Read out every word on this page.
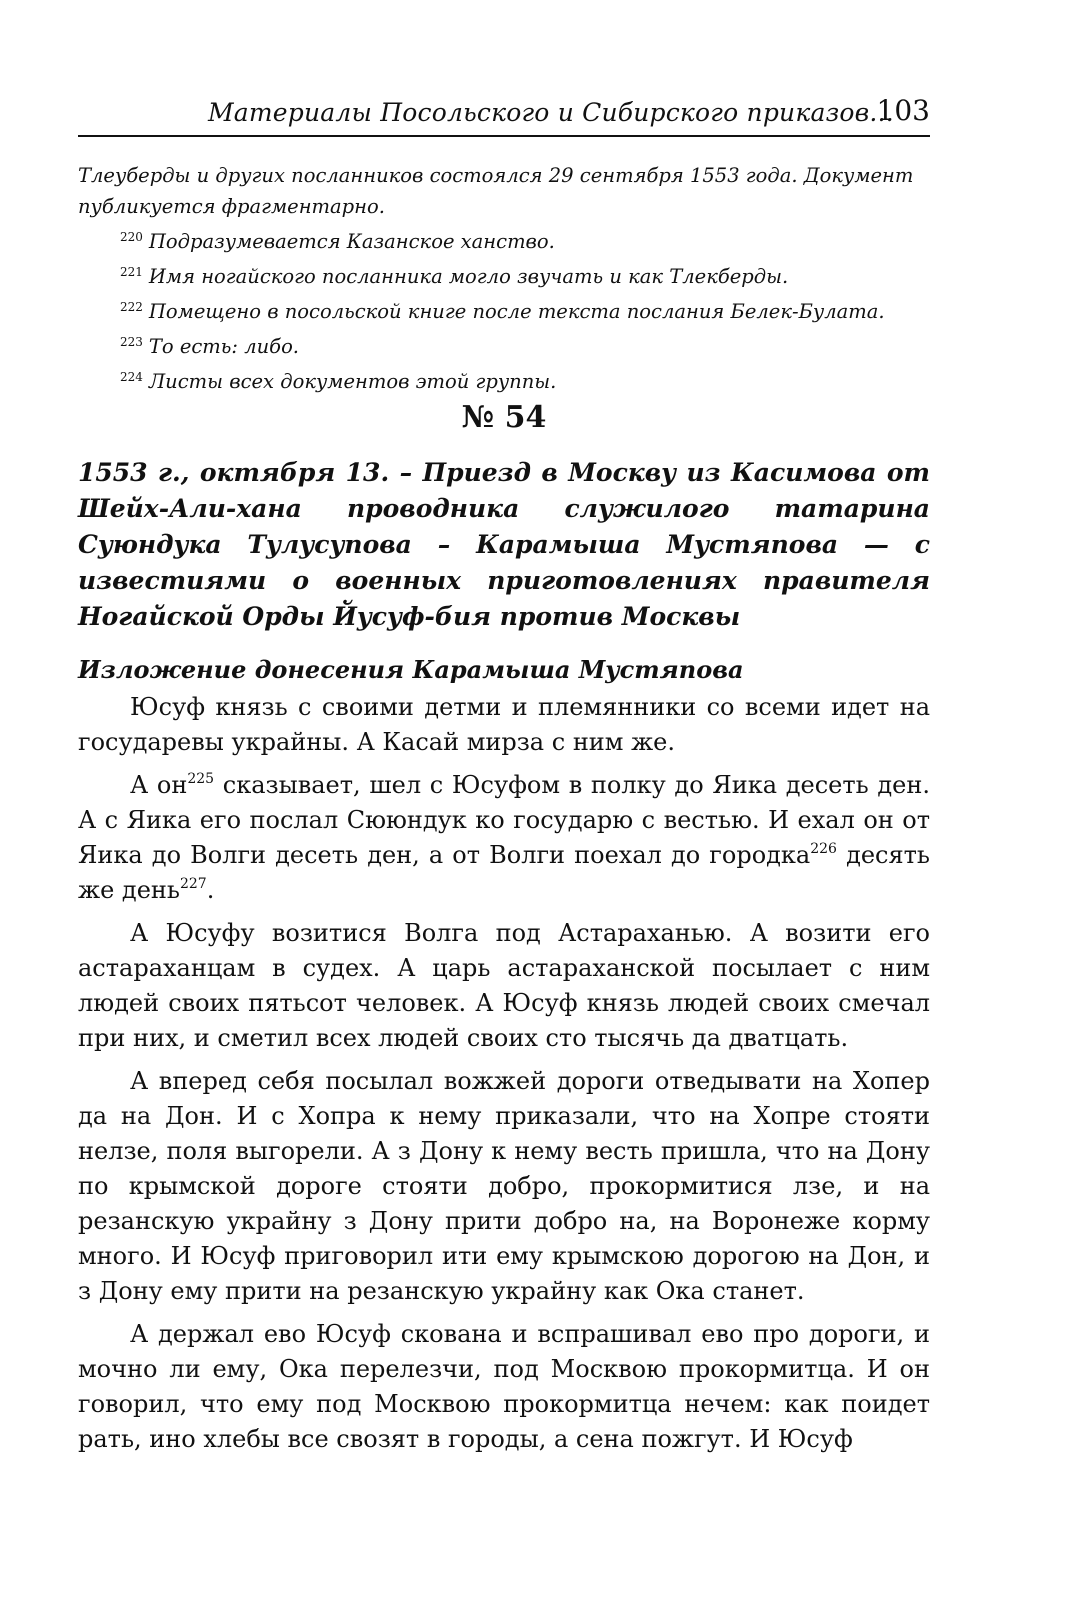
Материалы Посольского и Сибирского приказов...
103

Тлеуберды и других посланников состоялся 29 сентября 1553 года. Документ публикуется фрагментарно.

$^{220}$ Подразумевается Казанское ханство.

$^{221}$ Имя ногайского посланника могло звучать и как Тлекберды.

$^{222}$ Помещено в посольской книге после текста послания Белек-Булата.

$^{223}$ То есть: либо.

$^{224}$ Листы всех документов этой группы.

№ 54
1553 г., октября 13. – Приезд в Москву из Касимова от Шейх-Али-хана проводника служилого татарина Суюндука Тулусупова – Карамыша Мустяпова — с известиями о военных приготовлениях правителя Ногайской Орды Йусуф-бия против Москвы
Изложение донесения Карамыша Мустяпова

Юсуф князь с своими детми и племянники со всеми идет на государевы украйны. А Касай мирза с ним же.

А $он^{225}$ сказывает, шел с Юсуфом в полку до Яика десеть ден. А с Яика его послал Сююндук ко государю с вестью. И ехал он от Яика до Волги десеть ден, а от Волги поехал до городка$^{226}$ десять же день$^{227}$.

А Юсуфу возитися Волга под Астараханью. А возити его астараханцам в судех. А царь астараханской посылает с ним людей своих пятьсот человек. А Юсуф князь людей своих смечал при них, и сметил всех людей своих сто тысячь да дватцать.

А вперед себя посылал вожжей дороги отведывати на Хопер да на Дон. И с Хопра к нему приказали, что на Хопре стояти нелзе, поля выгорели. А з Дону к нему весть пришла, что на Дону по крымской дороге стояти добро, прокормитися лзе, и на резанскую украйну з Дону прити добро на, на Воронеже корму много. И Юсуф приговорил ити ему крымскою дорогою на Дон, и з Дону ему прити на резанскую украйну как Ока станет.

А держал ево Юсуф скована и вспрашивал ево про дороги, и мочно ли ему, Ока перелезчи, под Москвою прокормитца. И он говорил, что ему под Москвою прокормитца нечем: как поидет рать, ино хлебы все свозят в городы, а сена пожгут. И Юсуф
